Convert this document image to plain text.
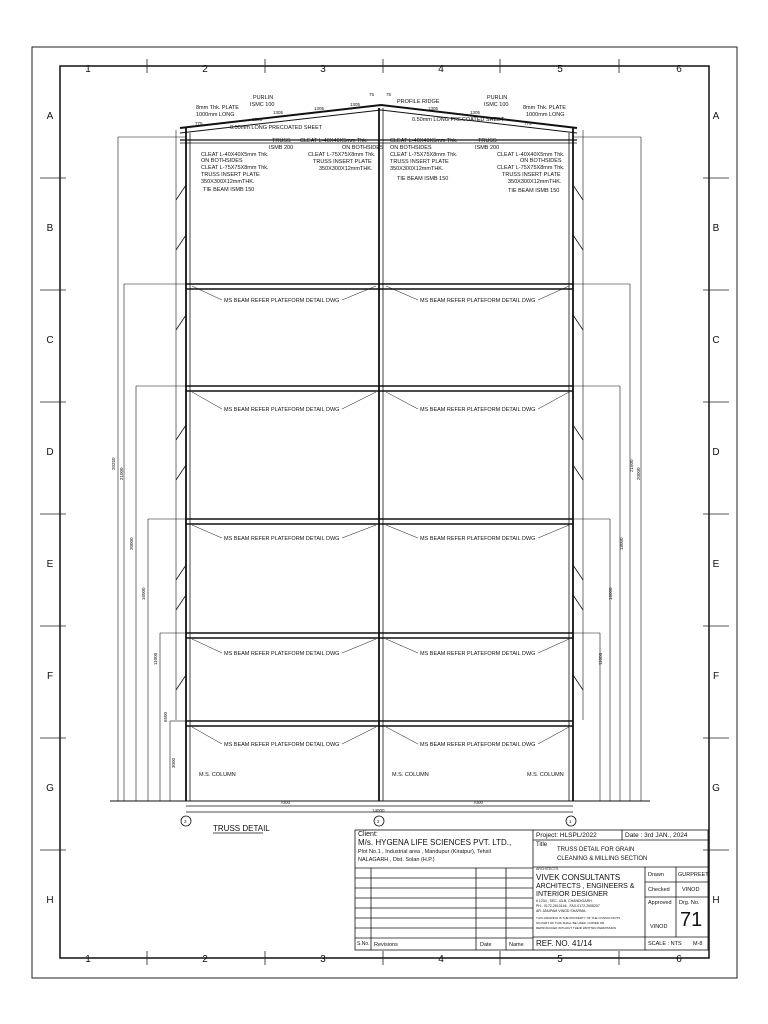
1	2	3	4	5	6
1	2	3	4	5	6
A
B
C
D
E
F
G
H
A
B
C
D
E
F
G
H
PROFILE RIDGE
PURLIN
ISMC 100
PURLIN
ISMC 100
8mm Thk. PLATE
1000mm LONG
8mm Thk. PLATE
1000mm LONG
0.50mm LONG PRECOATED SHEET
0.50mm LONG PRECOATED SHEET
TRUSS
ISMB 200
TRUSS
ISMB 200
CLEAT L-40X40X5mm Thk.
ON BOTHSIDES
CLEAT L-75X75X8mm Thk.
TRUSS INSERT PLATE
350X300X12mmTHK.
TIE BEAM ISMB 150
CLEAT L-40X40X5mm Thk.
ON BOTHSIDES
CLEAT L-75X75X8mm Thk.
TRUSS INSERT PLATE
350X300X12mmTHK.
CLEAT L-40X40X5mm Thk.
ON BOTHSIDES
CLEAT L-75X75X8mm Thk.
TRUSS INSERT PLATE
350X300X12mmTHK.
TIE BEAM ISMB 150
CLEAT L-40X40X5mm Thk.
ON BOTHSIDES
CLEAT L-75X75X8mm Thk.
TRUSS INSERT PLATE
350X300X12mmTHK.
TIE BEAM ISMB 150
75	75
1305
1305
1305
1305
1305
1305
775	775
MS BEAM REFER PLATEFORM DETAIL DWG	MS BEAM REFER PLATEFORM DETAIL DWG
MS BEAM REFER PLATEFORM DETAIL DWG	MS BEAM REFER PLATEFORM DETAIL DWG
MS BEAM REFER PLATEFORM DETAIL DWG	MS BEAM REFER PLATEFORM DETAIL DWG
MS BEAM REFER PLATEFORM DETAIL DWG	MS BEAM REFER PLATEFORM DETAIL DWG
MS BEAM REFER PLATEFORM DETAIL DWG	MS BEAM REFER PLATEFORM DETAIL DWG
M.S. COLUMN	M.S. COLUMN	M.S. COLUMN
7000	7000
14000
20250
21000
20000
16000
11000
6500
3000
20000
21500
18000
16000
11000
3	2	1
TRUSS DETAIL
Client:
M/s. HYGENA LIFE SCIENCES PVT. LTD.,
Plot No.1 , Industrial area , Mandupur (Kiratpur), Tehsil
NALAGARH , Dist. Solan (H.P.)
Project: HLSPL/2022	Date : 3rd JAN., 2024
Title
TRUSS DETAIL FOR GRAIN
CLEANING & MILLING SECTION
ARCHITECTS
VIVEK CONSULTANTS
ARCHITECTS , ENGINEERS &
INTERIOR DESIGNER
# 1234 , SEC. 43-B, CHANDIGARH.
PH.- 0172-2610146 , FAX-0172-2608207
AR. ANUPAM VINOD SHARMA.
THIS DRAWING IS THE PROPERTY OF THE CONSULTANTS
NO PART OF THIS SHALL BE USED, COPIED OR
REPRODUCED WITHOUT THEIR WRITTEN PERMISSION
Drawn	GURPREET
Checked VINOD
Approved
VINOD
Drg. No.
71
REF. NO. 41/14	SCALE : NTS M-8
S.No. Revisions	Date	Name
